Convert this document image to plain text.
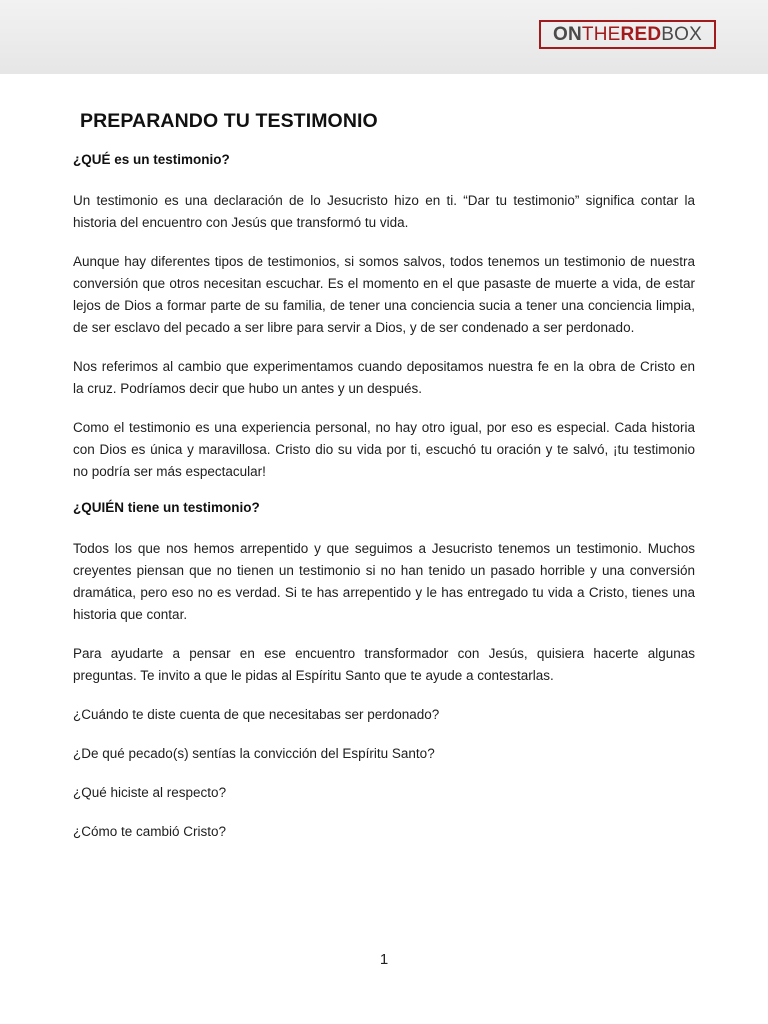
ON THE RED BOX
PREPARANDO TU TESTIMONIO
¿QUÉ es un testimonio?

Un testimonio es una declaración de lo Jesucristo hizo en ti. “Dar tu testimonio” significa contar la historia del encuentro con Jesús que transformó tu vida.

Aunque hay diferentes tipos de testimonios, si somos salvos, todos tenemos un testimonio de nuestra conversión que otros necesitan escuchar. Es el momento en el que pasaste de muerte a vida, de estar lejos de Dios a formar parte de su familia, de tener una conciencia sucia a tener una conciencia limpia, de ser esclavo del pecado a ser libre para servir a Dios, y de ser condenado a ser perdonado.

Nos referimos al cambio que experimentamos cuando depositamos nuestra fe en la obra de Cristo en la cruz. Podríamos decir que hubo un antes y un después.

Como el testimonio es una experiencia personal, no hay otro igual, por eso es especial. Cada historia con Dios es única y maravillosa. Cristo dio su vida por ti, escuchó tu oración y te salvó, ¡tu testimonio no podría ser más espectacular!

¿QUIÉN tiene un testimonio?

Todos los que nos hemos arrepentido y que seguimos a Jesucristo tenemos un testimonio. Muchos creyentes piensan que no tienen un testimonio si no han tenido un pasado horrible y una conversión dramática, pero eso no es verdad. Si te has arrepentido y le has entregado tu vida a Cristo, tienes una historia que contar.

Para ayudarte a pensar en ese encuentro transformador con Jesús, quisiera hacerte algunas preguntas. Te invito a que le pidas al Espíritu Santo que te ayude a contestarlas.

¿Cuándo te diste cuenta de que necesitabas ser perdonado?

¿De qué pecado(s) sentías la convicción del Espíritu Santo?

¿Qué hiciste al respecto?

¿Cómo te cambió Cristo?

1
